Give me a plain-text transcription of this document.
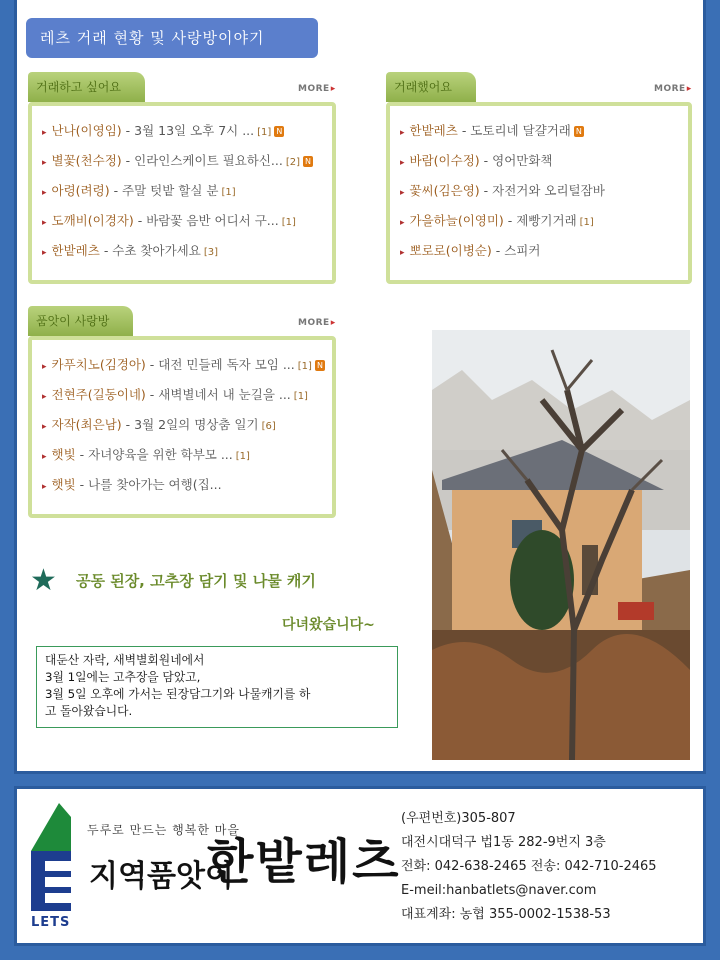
레츠 거래 현황 및 사랑방이야기
거래하고 싶어요	MORE ▸
▸ 난나(이영임) - 3월 13일 오후 7시 ... [1] N
▸ 별꽃(천수정) - 인라인스케이트 필요하신... [2] N
▸ 아령(려령) - 주말 텃밭 할실 분 [1]
▸ 도깨비(이경자) - 바람꽃 음반 어디서 구... [1]
▸ 한밭레츠 - 수초 찾아가세요 [3]
거래했어요	MORE ▸
▸ 한밭레츠 - 도토리네 달걀거래 N
▸ 바람(이수정) - 영어만화책
▸ 꽃씨(김은영) - 자전거와 오리털잠바
▸ 가을하늘(이영미) - 제빵기거래 [1]
▸ 뽀로로(이병순) - 스피커
품앗이 사랑방	MORE ▸
▸ 카푸치노(김경아) - 대전 민들레 독자 모임 ... [1] N
▸ 전현주(길동이네) - 새벽별네서 내 눈길을 ... [1]
▸ 자작(최은남) - 3월 2일의 명상춤 일기 [6]
▸ 햇빛 - 자녀양육을 위한 학부모 ... [1]
▸ 햇빛 - 나를 찾아가는 여행(집...
★ 공동 된장, 고추장 담기 및 나물 캐기
다녀왔습니다~
대둔산 자락, 새벽별회원네에서
3월 1일에는 고추장을 담았고,
3월 5일 오후에 가서는 된장담그기와 나물캐기를 하
고 돌아왔습니다.
LETS
두루로 만드는 행복한 마을
지역품앗이
한밭레츠
(우편번호)305-807
대전시대덕구 법1동 282-9번지 3층
전화: 042-638-2465 전송: 042-710-2465
E-meil:hanbatlets@naver.com
대표계좌: 농협 355-0002-1538-53
